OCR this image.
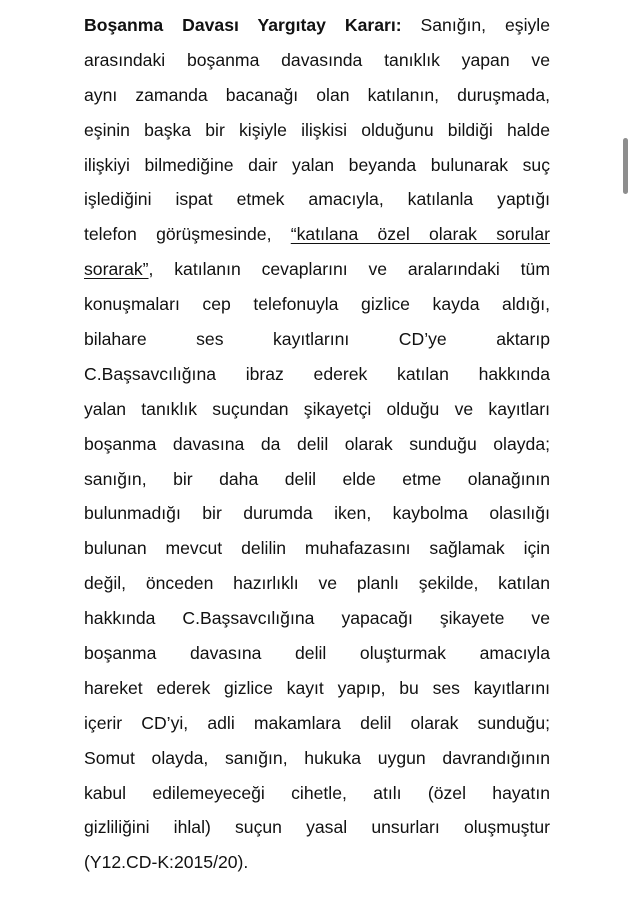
Boşanma Davası Yargıtay Kararı: Sanığın, eşiyle
arasındaki boşanma davasında tanıklık yapan ve
aynı zamanda bacanağı olan katılanın, duruşmada,
eşinin başka bir kişiyle ilişkisi olduğunu bildiği halde
ilişkiyi bilmediğine dair yalan beyanda bulunarak suç
işlediğini ispat etmek amacıyla, katılanla yaptığı
telefon görüşmesinde, “katılana özel olarak sorular
sorarak”, katılanın cevaplarını ve aralarındaki tüm
konuşmaları cep telefonuyla gizlice kayda aldığı,
bilahare ses kayıtlarını CD’ye aktarıp
C.Başsavcılığına ibraz ederek katılan hakkında
yalan tanıklık suçundan şikayetçi olduğu ve kayıtları
boşanma davasına da delil olarak sunduğu olayda;
sanığın, bir daha delil elde etme olanağının
bulunmadığı bir durumda iken, kaybolma olasılığı
bulunan mevcut delilin muhafazasını sağlamak için
değil, önceden hazırlıklı ve planlı şekilde, katılan
hakkında C.Başsavcılığına yapacağı şikayete ve
boşanma davasına delil oluşturmak amacıyla
hareket ederek gizlice kayıt yapıp, bu ses kayıtlarını
içerir CD’yi, adli makamlara delil olarak sunduğu;
Somut olayda, sanığın, hukuka uygun davrandığının
kabul edilemeyeceği cihetle, atılı (özel hayatın
gizliliğini ihlal) suçun yasal unsurları oluşmuştur
(Y12.CD-K:2015/20).
